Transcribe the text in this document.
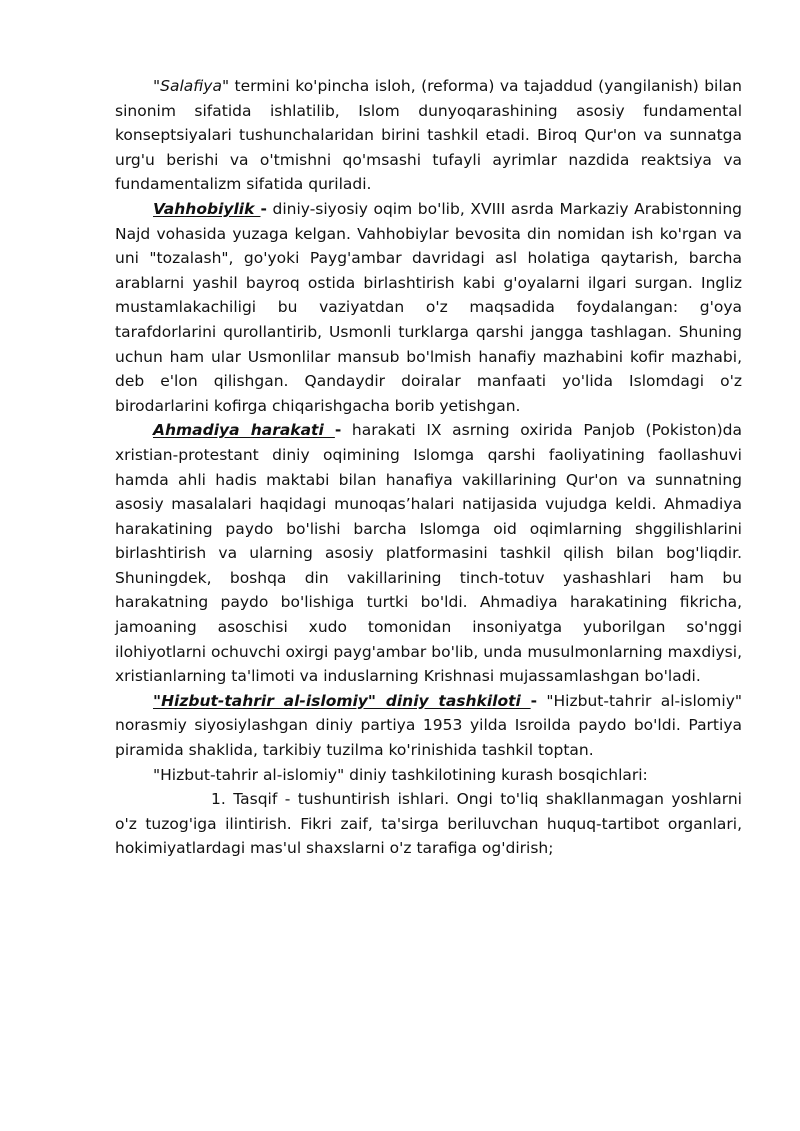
"Salafiya" termini ko'pincha isloh, (reforma) va tajaddud (yangilanish) bilan sinonim sifatida ishlatilib, Islom dunyoqarashining asosiy fundamental konseptsiyalari tushunchalaridan birini tashkil etadi. Biroq Qur'on va sunnatga urg'u berishi va o'tmishni qo'msashi tufayli ayrimlar nazdida reaktsiya va fundamentalizm sifatida quriladi.

Vahhobiylik - diniy-siyosiy oqim bo'lib, XVIII asrda Markaziy Arabistonning Najd vohasida yuzaga kelgan. Vahhobiylar bevosita din nomidan ish ko'rgan va uni "tozalash", go'yoki Payg'ambar davridagi asl holatiga qaytarish, barcha arablarni yashil bayroq ostida birlashtirish kabi g'oyalarni ilgari surgan. Ingliz mustamlakachiligi bu vaziyatdan o'z maqsadida foydalangan: g'oya tarafdorlarini qurollantirib, Usmonli turklarga qarshi jangga tashlagan. Shuning uchun ham ular Usmonlilar mansub bo'lmish hanafiy mazhabini kofir mazhabi, deb e'lon qilishgan. Qandaydir doiralar manfaati yo'lida Islomdagi o'z birodarlarini kofirga chiqarishgacha borib yetishgan.

Ahmadiya harakati - harakati IX asrning oxirida Panjob (Pokiston)da xristian-protestant diniy oqimining Islomga qarshi faoliyatining faollashuvi hamda ahli hadis maktabi bilan hanafiya vakillarining Qur'on va sunnatning asosiy masalalari haqidagi munoqas’halari natijasida vujudga keldi. Ahmadiya harakatining paydo bo'lishi barcha Islomga oid oqimlarning shggilishlarini birlashtirish va ularning asosiy platformasini tashkil qilish bilan bog'liqdir. Shuningdek, boshqa din vakillarining tinch-totuv yashashlari ham bu harakatning paydo bo'lishiga turtki bo'ldi. Ahmadiya harakatining fikricha, jamoaning asoschisi xudo tomonidan insoniyatga yuborilgan so'nggi ilohiyotlarni ochuvchi oxirgi payg'ambar bo'lib, unda musulmonlarning maxdiysi, xristianlarning ta'limoti va induslarning Krishnasi mujassamlashgan bo'ladi.

"Hizbut-tahrir al-islomiy" diniy tashkiloti - "Hizbut-tahrir al-islomiy" norasmiy siyosiylashgan diniy partiya 1953 yilda Isroilda paydo bo'ldi. Partiya piramida shaklida, tarkibiy tuzilma ko'rinishida tashkil toptan.

"Hizbut-tahrir al-islomiy" diniy tashkilotining kurash bosqichlari:

1. Tasqif - tushuntirish ishlari. Ongi to'liq shakllanmagan yoshlarni o'z tuzog'iga ilintirish. Fikri zaif, ta'sirga beriluvchan huquq-tartibot organlari, hokimiyatlardagi mas'ul shaxslarni o'z tarafiga og'dirish;
